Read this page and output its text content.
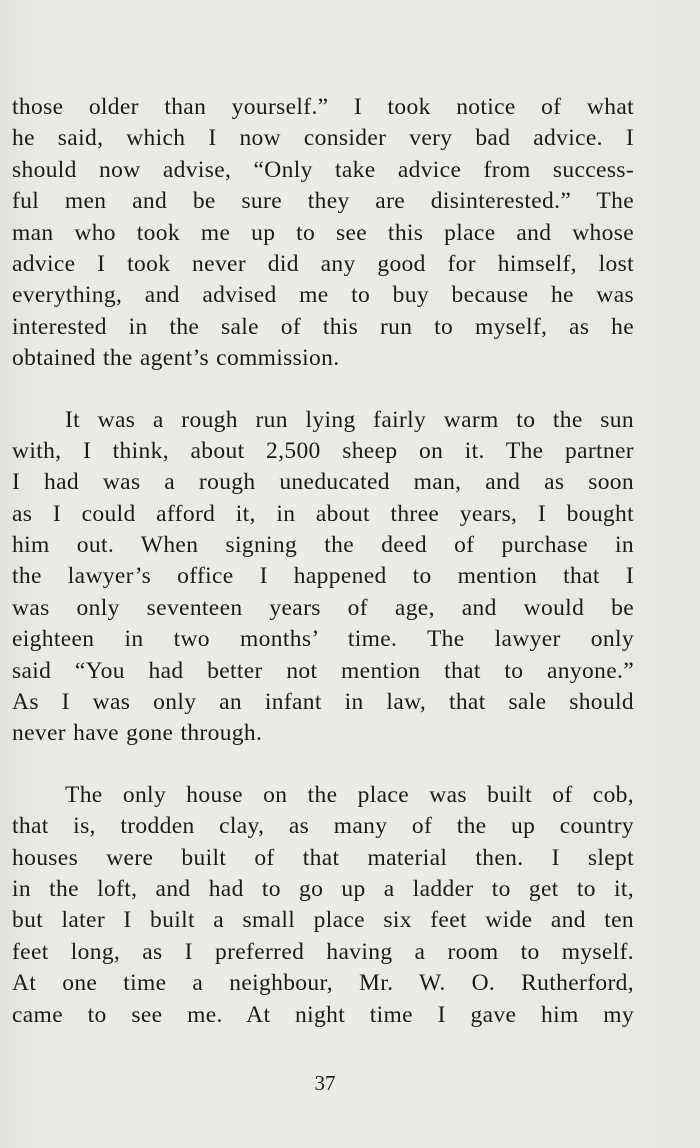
those older than yourself.” I took notice of what
he said, which I now consider very bad advice. I
should now advise, “Only take advice from success-
ful men and be sure they are disinterested.” The
man who took me up to see this place and whose
advice I took never did any good for himself, lost
everything, and advised me to buy because he was
interested in the sale of this run to myself, as he
obtained the agent’s commission.
It was a rough run lying fairly warm to the sun
with, I think, about 2,500 sheep on it. The partner
I had was a rough uneducated man, and as soon
as I could afford it, in about three years, I bought
him out. When signing the deed of purchase in
the lawyer’s office I happened to mention that I
was only seventeen years of age, and would be
eighteen in two months’ time. The lawyer only
said “You had better not mention that to anyone.”
As I was only an infant in law, that sale should
never have gone through.
The only house on the place was built of cob,
that is, trodden clay, as many of the up country
houses were built of that material then. I slept
in the loft, and had to go up a ladder to get to it,
but later I built a small place six feet wide and ten
feet long, as I preferred having a room to myself.
At one time a neighbour, Mr. W. O. Rutherford,
came to see me. At night time I gave him my
37
